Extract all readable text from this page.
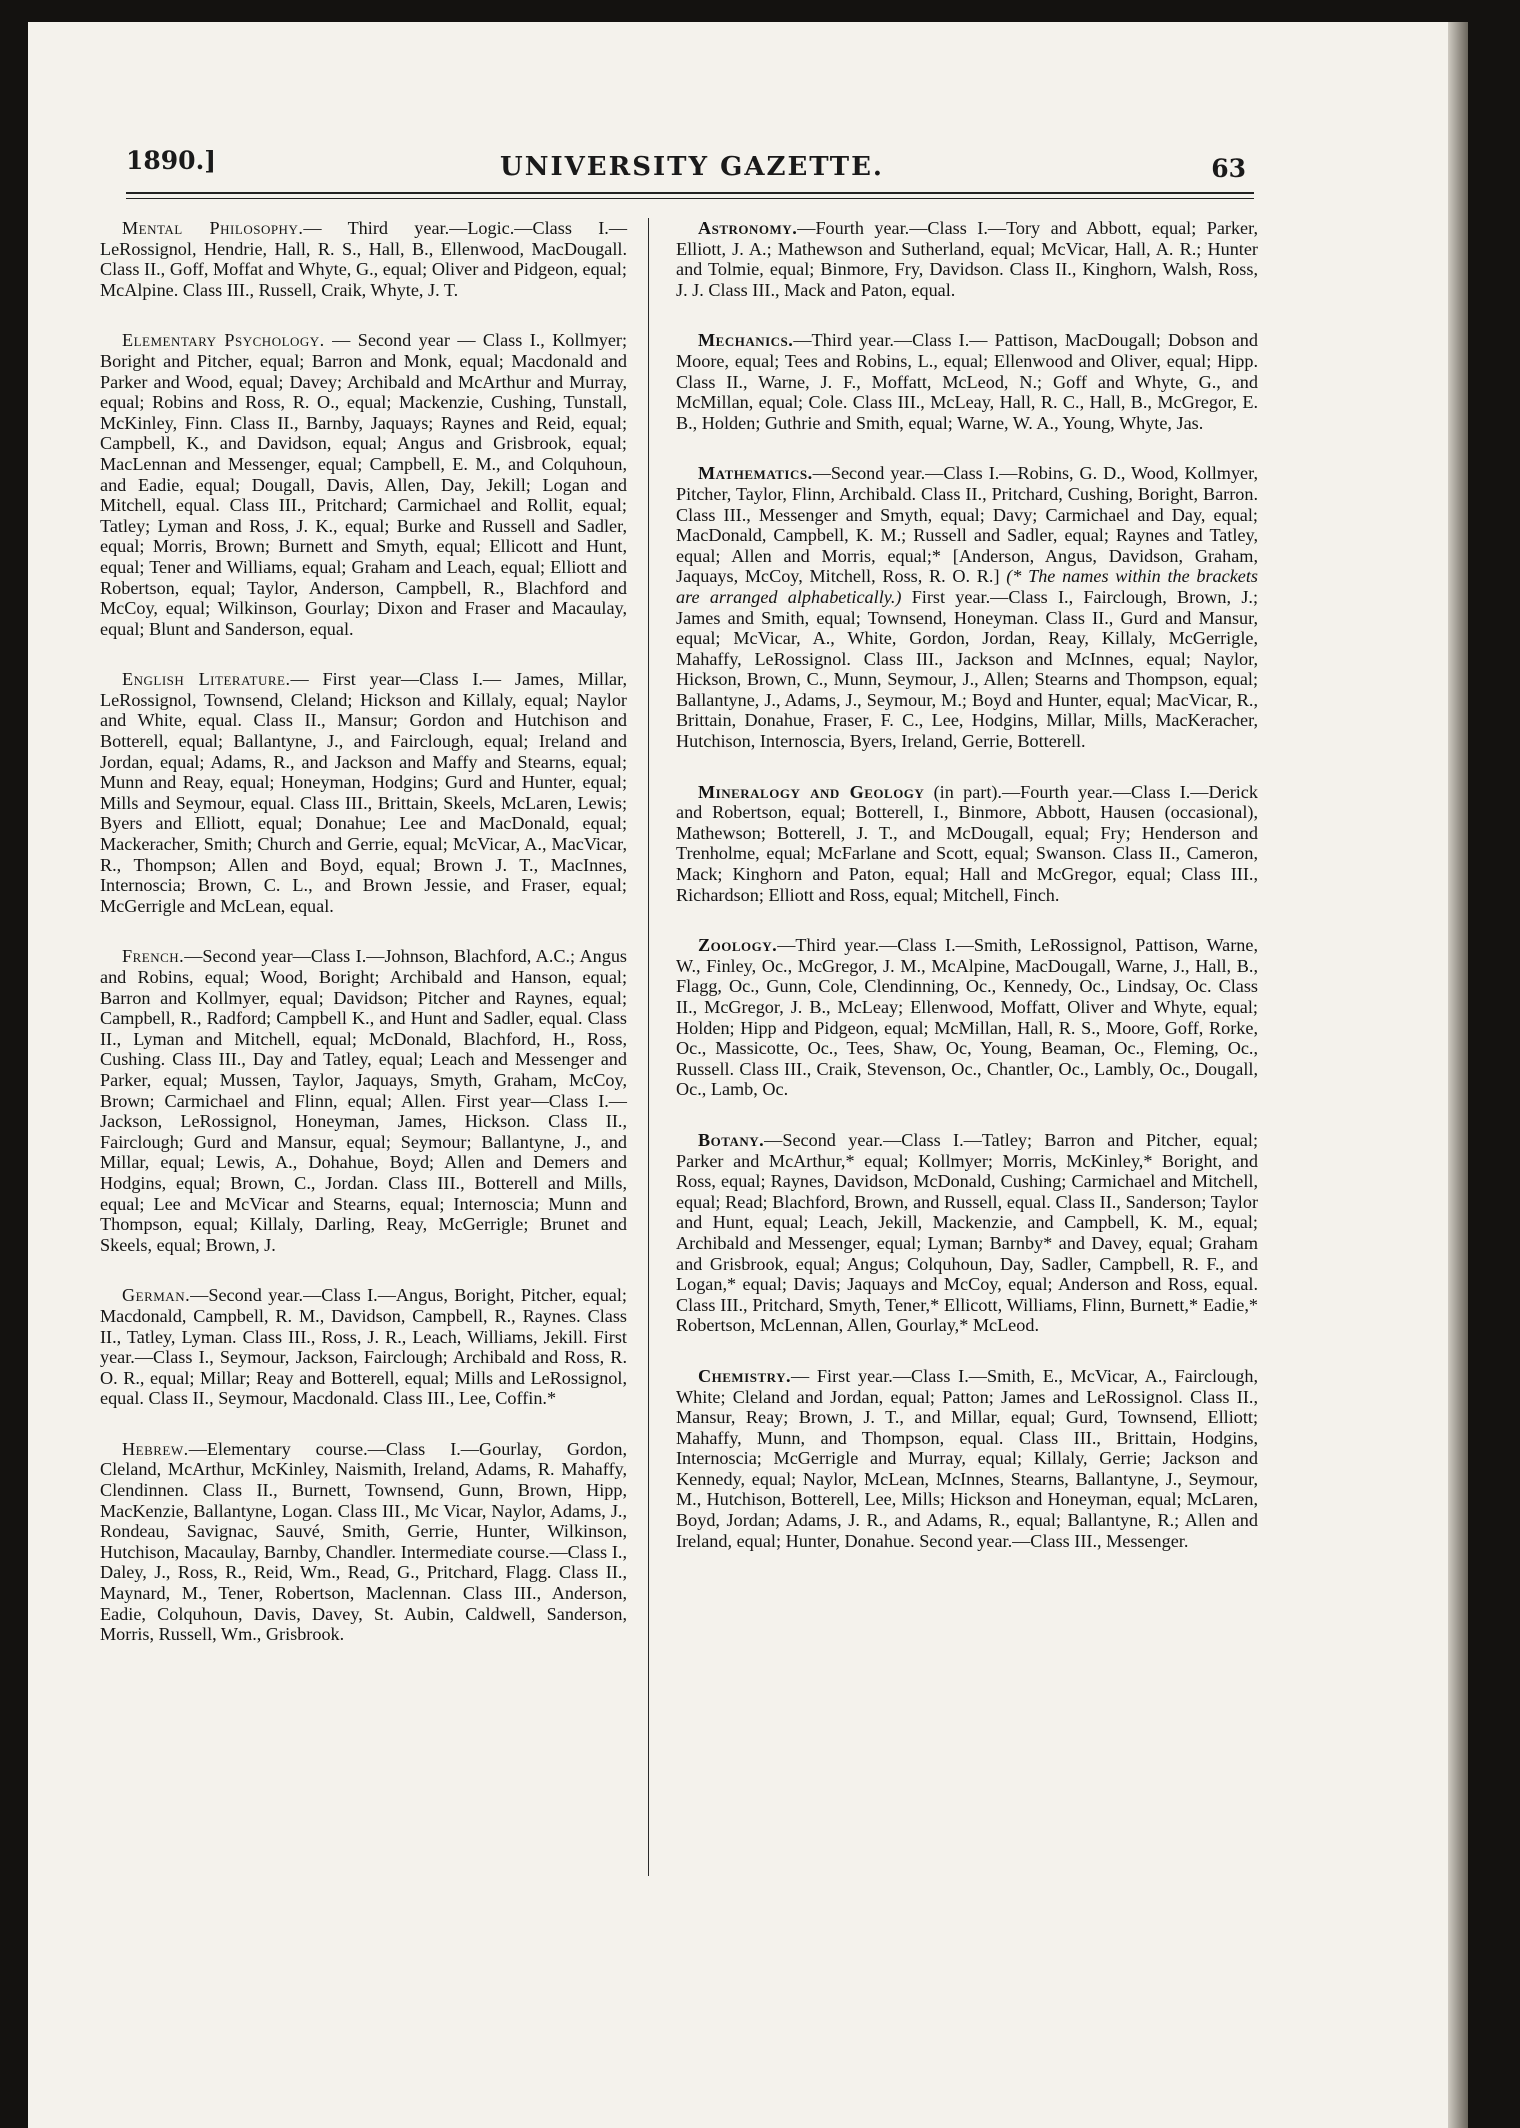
1890.]	UNIVERSITY GAZETTE.	63

Mental Philosophy.— Third year.—Logic.—Class I.—LeRossignol, Hendrie, Hall, R. S., Hall, B., Ellenwood, MacDougall. Class II., Goff, Moffat and Whyte, G., equal; Oliver and Pidgeon, equal; McAlpine. Class III., Russell, Craik, Whyte, J. T.

Elementary Psychology. — Second year — Class I., Kollmyer; Boright and Pitcher, equal; Barron and Monk, equal; Macdonald and Parker and Wood, equal; Davey; Archibald and McArthur and Murray, equal; Robins and Ross, R. O., equal; Mackenzie, Cushing, Tunstall, McKinley, Finn. Class II., Barnby, Jaquays; Raynes and Reid, equal; Campbell, K., and Davidson, equal; Angus and Grisbrook, equal; MacLennan and Messenger, equal; Campbell, E. M., and Colquhoun, and Eadie, equal; Dougall, Davis, Allen, Day, Jekill; Logan and Mitchell, equal. Class III., Pritchard; Carmichael and Rollit, equal; Tatley; Lyman and Ross, J. K., equal; Burke and Russell and Sadler, equal; Morris, Brown; Burnett and Smyth, equal; Ellicott and Hunt, equal; Tener and Williams, equal; Graham and Leach, equal; Elliott and Robertson, equal; Taylor, Anderson, Campbell, R., Blachford and McCoy, equal; Wilkinson, Gourlay; Dixon and Fraser and Macaulay, equal; Blunt and Sanderson, equal.

English Literature.— First year—Class I.— James, Millar, LeRossignol, Townsend, Cleland; Hickson and Killaly, equal; Naylor and White, equal. Class II., Mansur; Gordon and Hutchison and Botterell, equal; Ballantyne, J., and Fairclough, equal; Ireland and Jordan, equal; Adams, R., and Jackson and Maffy and Stearns, equal; Munn and Reay, equal; Honeyman, Hodgins; Gurd and Hunter, equal; Mills and Seymour, equal. Class III., Brittain, Skeels, McLaren, Lewis; Byers and Elliott, equal; Donahue; Lee and MacDonald, equal; Mackeracher, Smith; Church and Gerrie, equal; McVicar, A., MacVicar, R., Thompson; Allen and Boyd, equal; Brown J. T., MacInnes, Internoscia; Brown, C. L., and Brown Jessie, and Fraser, equal; McGerrigle and McLean, equal.

French.—Second year—Class I.—Johnson, Blachford, A.C.; Angus and Robins, equal; Wood, Boright; Archibald and Hanson, equal; Barron and Kollmyer, equal; Davidson; Pitcher and Raynes, equal; Campbell, R., Radford; Campbell K., and Hunt and Sadler, equal. Class II., Lyman and Mitchell, equal; McDonald, Blachford, H., Ross, Cushing. Class III., Day and Tatley, equal; Leach and Messenger and Parker, equal; Mussen, Taylor, Jaquays, Smyth, Graham, McCoy, Brown; Carmichael and Flinn, equal; Allen. First year—Class I.—Jackson, LeRossignol, Honeyman, James, Hickson. Class II., Fairclough; Gurd and Mansur, equal; Seymour; Ballantyne, J., and Millar, equal; Lewis, A., Dohahue, Boyd; Allen and Demers and Hodgins, equal; Brown, C., Jordan. Class III., Botterell and Mills, equal; Lee and McVicar and Stearns, equal; Internoscia; Munn and Thompson, equal; Killaly, Darling, Reay, McGerrigle; Brunet and Skeels, equal; Brown, J.

German.—Second year.—Class I.—Angus, Boright, Pitcher, equal; Macdonald, Campbell, R. M., Davidson, Campbell, R., Raynes. Class II., Tatley, Lyman. Class III., Ross, J. R., Leach, Williams, Jekill. First year.—Class I., Seymour, Jackson, Fairclough; Archibald and Ross, R. O. R., equal; Millar; Reay and Botterell, equal; Mills and LeRossignol, equal. Class II., Seymour, Macdonald. Class III., Lee, Coffin.*

Hebrew.—Elementary course.—Class I.—Gourlay, Gordon, Cleland, McArthur, McKinley, Naismith, Ireland, Adams, R. Mahaffy, Clendinnen. Class II., Burnett, Townsend, Gunn, Brown, Hipp, MacKenzie, Ballantyne, Logan. Class III., Mc Vicar, Naylor, Adams, J., Rondeau, Savignac, Sauvé, Smith, Gerrie, Hunter, Wilkinson, Hutchison, Macaulay, Barnby, Chandler. Intermediate course.—Class I., Daley, J., Ross, R., Reid, Wm., Read, G., Pritchard, Flagg. Class II., Maynard, M., Tener, Robertson, Maclennan. Class III., Anderson, Eadie, Colquhoun, Davis, Davey, St. Aubin, Caldwell, Sanderson, Morris, Russell, Wm., Grisbrook.

Astronomy.—Fourth year.—Class I.—Tory and Abbott, equal; Parker, Elliott, J. A.; Mathewson and Sutherland, equal; McVicar, Hall, A. R.; Hunter and Tolmie, equal; Binmore, Fry, Davidson. Class II., Kinghorn, Walsh, Ross, J. J. Class III., Mack and Paton, equal.

Mechanics.—Third year.—Class I.— Pattison, MacDougall; Dobson and Moore, equal; Tees and Robins, L., equal; Ellenwood and Oliver, equal; Hipp. Class II., Warne, J. F., Moffatt, McLeod, N.; Goff and Whyte, G., and McMillan, equal; Cole. Class III., McLeay, Hall, R. C., Hall, B., McGregor, E. B., Holden; Guthrie and Smith, equal; Warne, W. A., Young, Whyte, Jas.

Mathematics.—Second year.—Class I.—Robins, G. D., Wood, Kollmyer, Pitcher, Taylor, Flinn, Archibald. Class II., Pritchard, Cushing, Boright, Barron. Class III., Messenger and Smyth, equal; Davy; Carmichael and Day, equal; MacDonald, Campbell, K. M.; Russell and Sadler, equal; Raynes and Tatley, equal; Allen and Morris, equal;* [Anderson, Angus, Davidson, Graham, Jaquays, McCoy, Mitchell, Ross, R. O. R.] (* The names within the brackets are arranged alphabetically.) First year.—Class I., Fairclough, Brown, J.; James and Smith, equal; Townsend, Honeyman. Class II., Gurd and Mansur, equal; McVicar, A., White, Gordon, Jordan, Reay, Killaly, McGerrigle, Mahaffy, LeRossignol. Class III., Jackson and McInnes, equal; Naylor, Hickson, Brown, C., Munn, Seymour, J., Allen; Stearns and Thompson, equal; Ballantyne, J., Adams, J., Seymour, M.; Boyd and Hunter, equal; MacVicar, R., Brittain, Donahue, Fraser, F. C., Lee, Hodgins, Millar, Mills, MacKeracher, Hutchison, Internoscia, Byers, Ireland, Gerrie, Botterell.

Mineralogy and Geology (in part).—Fourth year.—Class I.—Derick and Robertson, equal; Botterell, I., Binmore, Abbott, Hausen (occasional), Mathewson; Botterell, J. T., and McDougall, equal; Fry; Henderson and Trenholme, equal; McFarlane and Scott, equal; Swanson. Class II., Cameron, Mack; Kinghorn and Paton, equal; Hall and McGregor, equal; Class III., Richardson; Elliott and Ross, equal; Mitchell, Finch.

Zoology.—Third year.—Class I.—Smith, LeRossignol, Pattison, Warne, W., Finley, Oc., McGregor, J. M., McAlpine, MacDougall, Warne, J., Hall, B., Flagg, Oc., Gunn, Cole, Clendinning, Oc., Kennedy, Oc., Lindsay, Oc. Class II., McGregor, J. B., McLeay; Ellenwood, Moffatt, Oliver and Whyte, equal; Holden; Hipp and Pidgeon, equal; McMillan, Hall, R. S., Moore, Goff, Rorke, Oc., Massicotte, Oc., Tees, Shaw, Oc, Young, Beaman, Oc., Fleming, Oc., Russell. Class III., Craik, Stevenson, Oc., Chantler, Oc., Lambly, Oc., Dougall, Oc., Lamb, Oc.

Botany.—Second year.—Class I.—Tatley; Barron and Pitcher, equal; Parker and McArthur,* equal; Kollmyer; Morris, McKinley,* Boright, and Ross, equal; Raynes, Davidson, McDonald, Cushing; Carmichael and Mitchell, equal; Read; Blachford, Brown, and Russell, equal. Class II., Sanderson; Taylor and Hunt, equal; Leach, Jekill, Mackenzie, and Campbell, K. M., equal; Archibald and Messenger, equal; Lyman; Barnby* and Davey, equal; Graham and Grisbrook, equal; Angus; Colquhoun, Day, Sadler, Campbell, R. F., and Logan,* equal; Davis; Jaquays and McCoy, equal; Anderson and Ross, equal. Class III., Pritchard, Smyth, Tener,* Ellicott, Williams, Flinn, Burnett,* Eadie,* Robertson, McLennan, Allen, Gourlay,* McLeod.

Chemistry.— First year.—Class I.—Smith, E., McVicar, A., Fairclough, White; Cleland and Jordan, equal; Patton; James and LeRossignol. Class II., Mansur, Reay; Brown, J. T., and Millar, equal; Gurd, Townsend, Elliott; Mahaffy, Munn, and Thompson, equal. Class III., Brittain, Hodgins, Internoscia; McGerrigle and Murray, equal; Killaly, Gerrie; Jackson and Kennedy, equal; Naylor, McLean, McInnes, Stearns, Ballantyne, J., Seymour, M., Hutchison, Botterell, Lee, Mills; Hickson and Honeyman, equal; McLaren, Boyd, Jordan; Adams, J. R., and Adams, R., equal; Ballantyne, R.; Allen and Ireland, equal; Hunter, Donahue. Second year.—Class III., Messenger.
